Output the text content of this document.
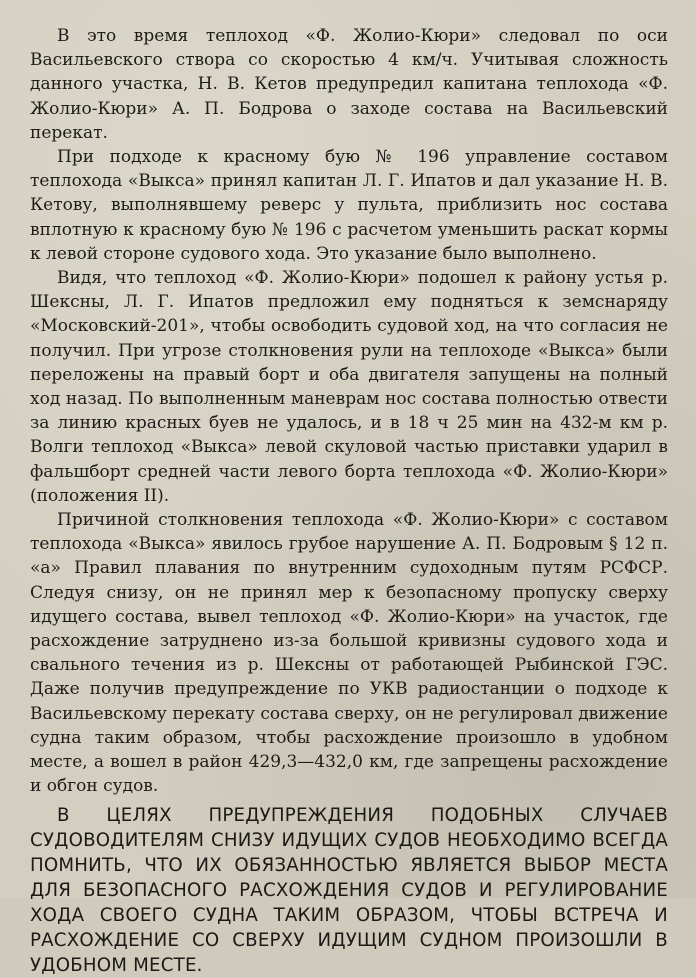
В это время теплоход «Ф. Жолио-Кюри» следовал по оси Васильевского створа со скоростью 4 км/ч. Учитывая сложность данного участка, Н. В. Кетов предупредил капитана теплохода «Ф. Жолио-Кюри» А. П. Бодрова о заходе состава на Васильевский перекат.

При подходе к красному бую № 196 управление составом теплохода «Выкса» принял капитан Л. Г. Ипатов и дал указание Н. В. Кетову, выполнявшему реверс у пульта, приблизить нос состава вплотную к красному бую № 196 с расчетом уменьшить раскат кормы к левой стороне судового хода. Это указание было выполнено.

Видя, что теплоход «Ф. Жолио-Кюри» подошел к району устья р. Шексны, Л. Г. Ипатов предложил ему подняться к земснаряду «Московский-201», чтобы освободить судовой ход, на что согласия не получил. При угрозе столкновения рули на теплоходе «Выкса» были переложены на правый борт и оба двигателя запущены на полный ход назад. По выполненным маневрам нос состава полностью отвести за линию красных буев не удалось, и в 18 ч 25 мин на 432-м км р. Волги теплоход «Выкса» левой скуловой частью приставки ударил в фальшборт средней части левого борта теплохода «Ф. Жолио-Кюри» (положения II).

Причиной столкновения теплохода «Ф. Жолио-Кюри» с составом теплохода «Выкса» явилось грубое нарушение А. П. Бодровым § 12 п. «а» Правил плавания по внутренним судоходным путям РСФСР. Следуя снизу, он не принял мер к безопасному пропуску сверху идущего состава, вывел теплоход «Ф. Жолио-Кюри» на участок, где расхождение затруднено из-за большой кривизны судового хода и свального течения из р. Шексны от работающей Рыбинской ГЭС. Даже получив предупреждение по УКВ радиостанции о подходе к Васильевскому перекату состава сверху, он не регулировал движение судна таким образом, чтобы расхождение произошло в удобном месте, а вошел в район 429,3—432,0 км, где запрещены расхождение и обгон судов.

В ЦЕЛЯХ ПРЕДУПРЕЖДЕНИЯ ПОДОБНЫХ СЛУЧАЕВ СУДОВОДИТЕЛЯМ СНИЗУ ИДУЩИХ СУДОВ НЕОБХОДИМО ВСЕГДА ПОМНИТЬ, ЧТО ИХ ОБЯЗАННОСТЬЮ ЯВЛЯЕТСЯ ВЫБОР МЕСТА ДЛЯ БЕЗОПАСНОГО РАСХОЖДЕНИЯ СУДОВ И РЕГУЛИРОВАНИЕ ХОДА СВОЕГО СУДНА ТАКИМ ОБРАЗОМ, ЧТОБЫ ВСТРЕЧА И РАСХОЖДЕНИЕ СО СВЕРХУ ИДУЩИМ СУДНОМ ПРОИЗОШЛИ В УДОБНОМ МЕСТЕ.
